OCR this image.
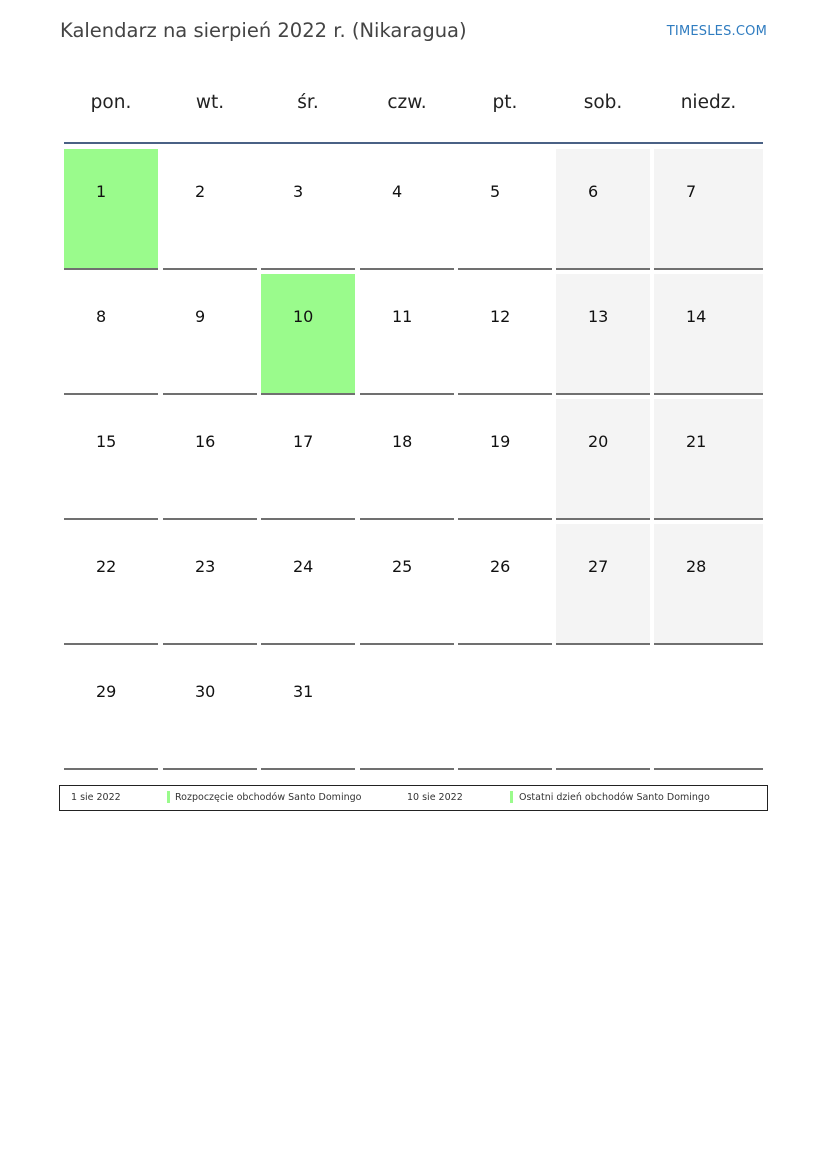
Kalendarz na sierpień 2022 r. (Nikaragua)	TIMESLES.COM
pon.	wt.	śr.	czw.	pt.	sob.	niedz.
1	2	3	4	5	6	7
8	9	10	11	12	13	14
15	16	17	18	19	20	21
22	23	24	25	26	27	28
29	30	31
1 sie 2022	Rozpoczęcie obchodów Santo Domingo	10 sie 2022	Ostatni dzień obchodów Santo Domingo
